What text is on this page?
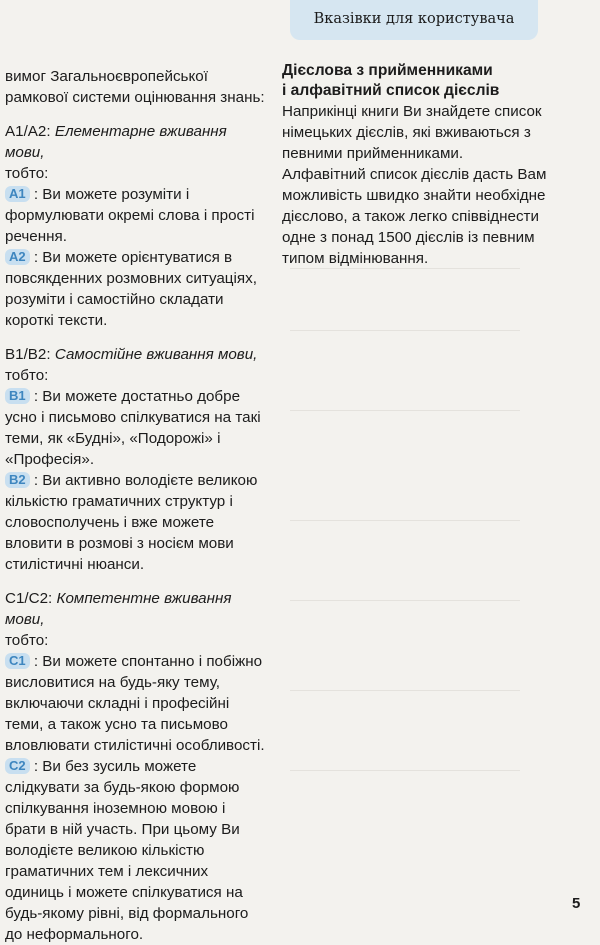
Вказівки для користувача

вимог Загальноєвропейської рамкової системи оцінювання знань:

А1/А2: Елементарне вживання мови,
тобто:

A1 : Ви можете розуміти і формулювати окремі слова і прості речення.

A2 : Ви можете орієнтуватися в повсякденних розмовних ситуаціях, розуміти і самостійно складати короткі тексти.

В1/В2: Самостійне вживання мови,
тобто:

B1 : Ви можете достатньо добре усно і письмово спілкуватися на такі теми, як «Будні», «Подорожі» і «Професія».

B2 : Ви активно володієте великою кількістю граматичних структур і словосполучень і вже можете вловити в розмові з носієм мови стилістичні нюанси.

С1/С2: Компетентне вживання мови,
тобто:

C1 : Ви можете спонтанно і побіжно висловитися на будь-яку тему, включаючи складні і професійні теми, а також усно та письмово вловлювати стилістичні особливості.

C2 : Ви без зусиль можете слідкувати за будь-якою формою спілкування іноземною мовою і брати в ній участь. При цьому Ви володієте великою кількістю граматичних тем і лексичних одиниць і можете спілкуватися на будь-якому рівні, від формального до неформального.

Дієслова з прийменниками
і алфавітний список дієслів

Наприкінці книги Ви знайдете список німецьких дієслів, які вживаються з певними прийменниками. Алфавітний список дієслів дасть Вам можливість швидко знайти необхідне дієслово, а також легко співвіднести одне з понад 1500 дієслів із певним типом відмінювання.

5
